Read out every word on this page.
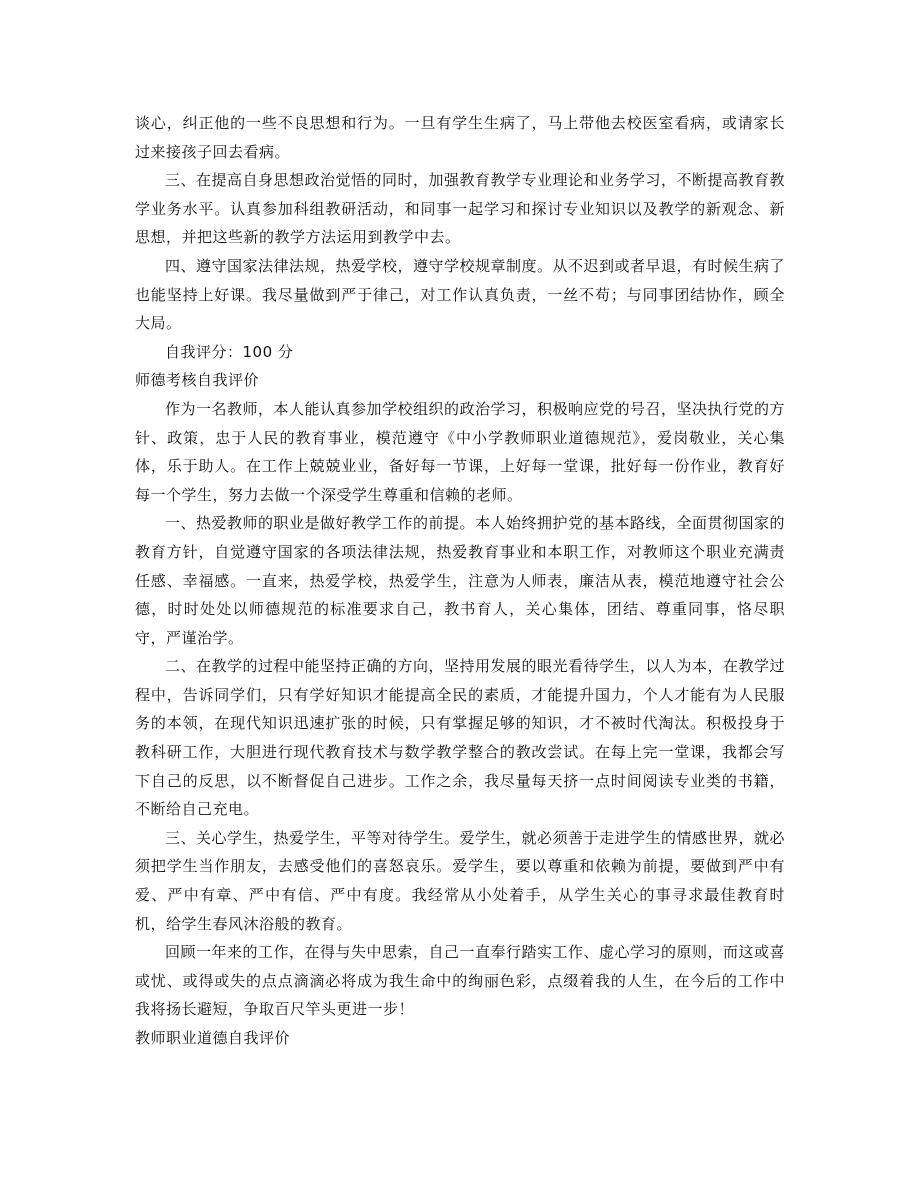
谈心，纠正他的一些不良思想和行为。一旦有学生生病了，马上带他去校医室看病，或请家长过来接孩子回去看病。

三、在提高自身思想政治觉悟的同时，加强教育教学专业理论和业务学习，不断提高教育教学业务水平。认真参加科组教研活动，和同事一起学习和探讨专业知识以及教学的新观念、新思想，并把这些新的教学方法运用到教学中去。

四、遵守国家法律法规，热爱学校，遵守学校规章制度。从不迟到或者早退，有时候生病了也能坚持上好课。我尽量做到严于律己，对工作认真负责，一丝不苟；与同事团结协作，顾全大局。

自我评分：100 分

师德考核自我评价

作为一名教师，本人能认真参加学校组织的政治学习，积极响应党的号召，坚决执行党的方针、政策，忠于人民的教育事业，模范遵守《中小学教师职业道德规范》，爱岗敬业，关心集体，乐于助人。在工作上兢兢业业，备好每一节课，上好每一堂课，批好每一份作业，教育好每一个学生，努力去做一个深受学生尊重和信赖的老师。

一、热爱教师的职业是做好教学工作的前提。本人始终拥护党的基本路线，全面贯彻国家的教育方针，自觉遵守国家的各项法律法规，热爱教育事业和本职工作，对教师这个职业充满责任感、幸福感。一直来，热爱学校，热爱学生，注意为人师表，廉洁从表，模范地遵守社会公德，时时处处以师德规范的标准要求自己，教书育人，关心集体，团结、尊重同事，恪尽职守，严谨治学。

二、在教学的过程中能坚持正确的方向，坚持用发展的眼光看待学生，以人为本，在教学过程中，告诉同学们，只有学好知识才能提高全民的素质，才能提升国力，个人才能有为人民服务的本领，在现代知识迅速扩张的时候，只有掌握足够的知识，才不被时代淘汰。积极投身于教科研工作，大胆进行现代教育技术与数学教学整合的教改尝试。在每上完一堂课，我都会写下自己的反思，以不断督促自己进步。工作之余，我尽量每天挤一点时间阅读专业类的书籍，不断给自己充电。

三、关心学生，热爱学生，平等对待学生。爱学生，就必须善于走进学生的情感世界，就必须把学生当作朋友，去感受他们的喜怒哀乐。爱学生，要以尊重和依赖为前提，要做到严中有爱、严中有章、严中有信、严中有度。我经常从小处着手，从学生关心的事寻求最佳教育时机，给学生春风沐浴般的教育。

回顾一年来的工作，在得与失中思索，自己一直奉行踏实工作、虚心学习的原则，而这或喜或忧、或得或失的点点滴滴必将成为我生命中的绚丽色彩，点缀着我的人生，在今后的工作中我将扬长避短，争取百尺竿头更进一步！

教师职业道德自我评价
